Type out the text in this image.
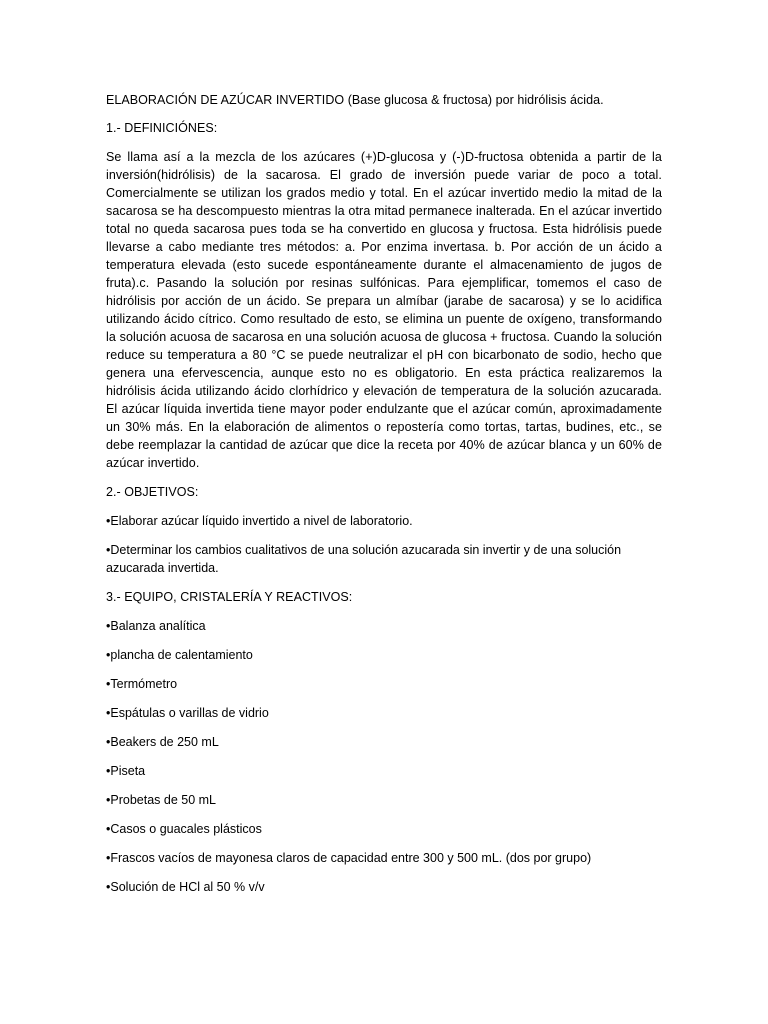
ELABORACIÓN DE AZÚCAR INVERTIDO (Base glucosa & fructosa) por hidrólisis ácida.

1.- DEFINICIÓNES:

Se llama así a la mezcla de los azúcares (+)D-glucosa y (-)D-fructosa obtenida a partir de la inversión(hidrólisis) de la sacarosa. El grado de inversión puede variar de poco a total. Comercialmente se utilizan los grados medio y total. En el azúcar invertido medio la mitad de la sacarosa se ha descompuesto mientras la otra mitad permanece inalterada. En el azúcar invertido total no queda sacarosa pues toda se ha convertido en glucosa y fructosa. Esta hidrólisis puede llevarse a cabo mediante tres métodos: a. Por enzima invertasa. b. Por acción de un ácido a temperatura elevada (esto sucede espontáneamente durante el almacenamiento de jugos de fruta).c. Pasando la solución por resinas sulfónicas. Para ejemplificar, tomemos el caso de hidrólisis por acción de un ácido. Se prepara un almíbar (jarabe de sacarosa) y se lo acidifica utilizando ácido cítrico. Como resultado de esto, se elimina un puente de oxígeno, transformando la solución acuosa de sacarosa en una solución acuosa de glucosa + fructosa. Cuando la solución reduce su temperatura a 80 °C se puede neutralizar el pH con bicarbonato de sodio, hecho que genera una efervescencia, aunque esto no es obligatorio. En esta práctica realizaremos la hidrólisis ácida utilizando ácido clorhídrico y elevación de temperatura de la solución azucarada. El azúcar líquida invertida tiene mayor poder endulzante que el azúcar común, aproximadamente un 30% más. En la elaboración de alimentos o repostería como tortas, tartas, budines, etc., se debe reemplazar la cantidad de azúcar que dice la receta por 40% de azúcar blanca y un 60% de azúcar invertido.

2.- OBJETIVOS:

•Elaborar azúcar líquido invertido a nivel de laboratorio.
•Determinar los cambios cualitativos de una solución azucarada sin invertir y de una solución azucarada invertida.

3.- EQUIPO, CRISTALERÍA Y REACTIVOS:

•Balanza analítica
•plancha de calentamiento
•Termómetro
•Espátulas o varillas de vidrio
•Beakers de 250 mL
•Piseta
•Probetas de 50 mL
•Casos o guacales plásticos
•Frascos vacíos de mayonesa claros de capacidad entre 300 y 500 mL. (dos por grupo)
•Solución de HCl al 50 % v/v
